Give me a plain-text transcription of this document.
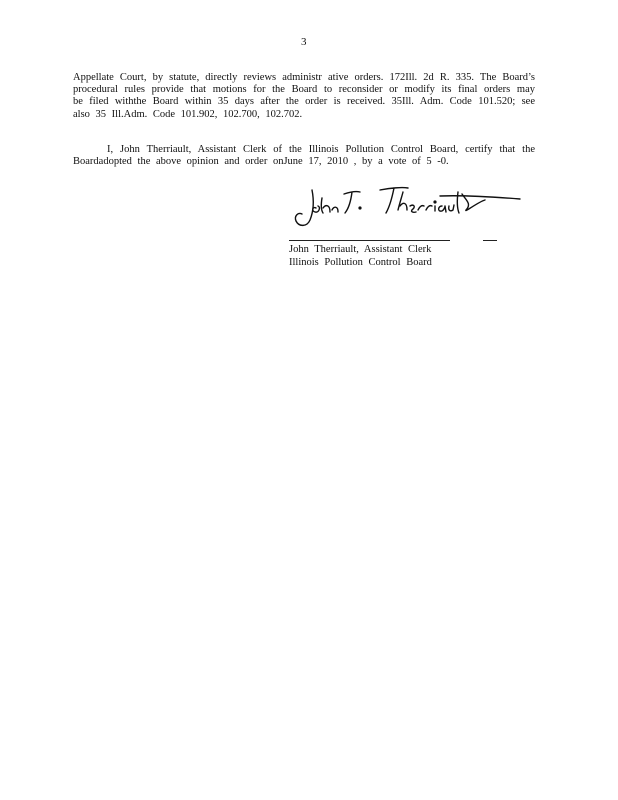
3
Appellate Court, by statute, directly reviews administr ative orders. 172Ill. 2d R. 335. The Board’s procedural rules provide that motions for the Board to reconsider or modify its final orders may be filed withthe Board within 35 days after the order is received. 35Ill. Adm. Code 101.520; see also 35 Ill.Adm. Code 101.902, 102.700, 102.702.
I, John Therriault, Assistant Clerk of the Illinois Pollution Control Board, certify that the Boardadopted the above opinion and order onJune 17, 2010 , by a vote of 5 -0.
John Therriault, Assistant Clerk
Illinois Pollution Control Board
